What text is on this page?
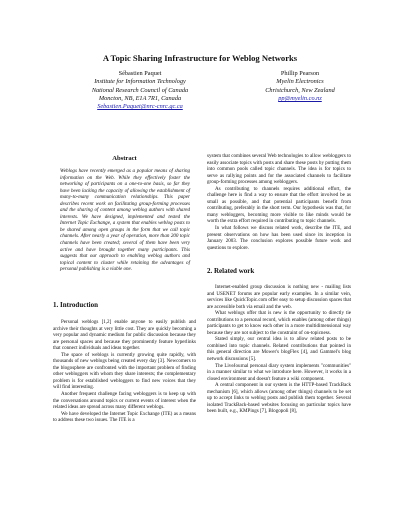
A Topic Sharing Infrastructure for Weblog Networks
Sébastien Paquet
Institute for Information Technology
National Research Council of Canada
Moncton, NB, E1A 7R1, Canada
Sebastien.Paquet@nrc-cnrc.gc.ca
Phillip Pearson
Myelin Electronics
Christchurch, New Zealand
pp@myelin.co.nz
Abstract
Weblogs have recently emerged as a popular means of sharing information on the Web. While they effectively foster the networking of participants on a one-to-one basis, so far they have been lacking the capacity of allowing the establishment of many-to-many communication relationships. This paper describes recent work on facilitating group-forming processes and the sharing of content among weblog authors with shared interests. We have designed, implemented and tested the Internet Topic Exchange, a system that enables weblog posts to be shared among open groups in the form that we call topic channels. After nearly a year of operation, more than 200 topic channels have been created; several of them have been very active and have brought together many participants. This suggests that our approach to enabling weblog authors and topical content to cluster while retaining the advantages of personal publishing is a viable one.
1. Introduction

Personal weblogs [1,2] enable anyone to easily publish and archive their thoughts at very little cost. They are quickly becoming a very popular and dynamic medium for public discussion because they are personal spaces and because they prominently feature hyperlinks that connect individuals and ideas together.

The space of weblogs is currently growing quite rapidly, with thousands of new weblogs being created every day [3]. Newcomers to the blogosphere are confronted with the important problem of finding other webloggers with whom they share interests; the complementary problem is for established webloggers to find new voices that they will find interesting.

Another frequent challenge facing webloggers is to keep up with the conversations around topics or current events of interest when the related ideas are spread across many different weblogs.

We have developed the Internet Topic Exchange (ITE) as a means to address these two issues. The ITE is a

system that combines several Web technologies to allow webloggers to easily associate topics with posts and share these posts by putting them into common pools called topic channels. The idea is for topics to serve as rallying points and for the associated channels to facilitate group-forming processes among webloggers.

As contributing to channels requires additional effort, the challenge here is find a way to ensure that the effort involved be as small as possible, and that potential participants benefit from contributing, preferably in the short term. Our hypothesis was that, for many webloggers, becoming more visible to like minds would be worth the extra effort required in contributing to topic channels.

In what follows we discuss related work, describe the ITE, and present observations on how has been used since its inception in January 2003. The conclusion explores possible future work and questions to explore.

2. Related work

Internet-enabled group discussion is nothing new - mailing lists and USENET forums are popular early examples. In a similar vein, services like QuickTopic.com offer easy to setup discussion spaces that are accessible both via email and the web.

What weblogs offer that is new is the opportunity to directly tie contributions to a personal record, which enables (among other things) participants to get to know each other in a more multidimensional way because they are not subject to the constraint of on-topicness.

Stated simply, our central idea is to allow related posts to be combined into topic channels. Related contributions that pointed in this general direction are Mower's blogFlex [4], and Gammel's blog network discussions [5].

The LiveJournal personal diary system implements "communities" in a manner similar to what we introduce here. However, it works in a closed environment and doesn't feature a wiki component.

A central component in our system is the HTTP-based TrackBack mechanism [6], which allows (among other things) channels to be set up to accept links to weblog posts and publish them together. Several isolated TrackBack-based websites focusing on particular topics have been built, e.g., KMPings [7], Blogopoli [8],
